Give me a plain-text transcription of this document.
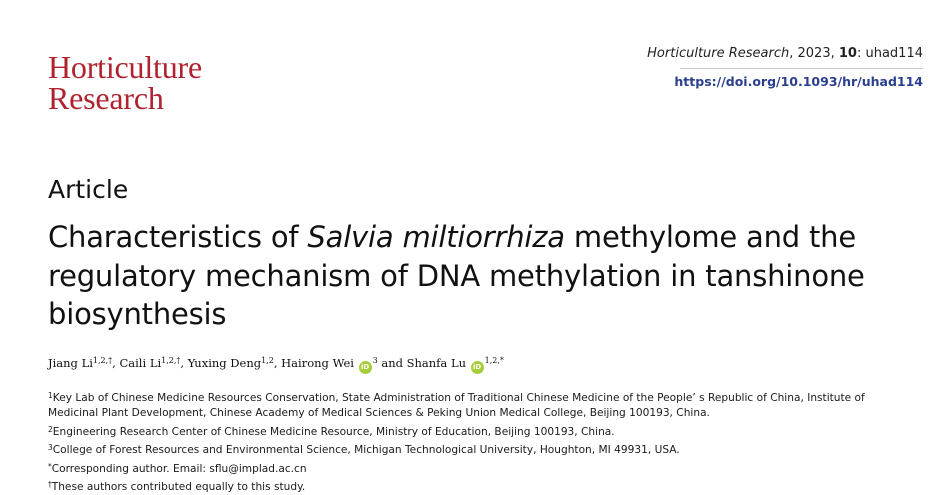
Horticulture
Research
Horticulture Research, 2023, 10: uhad114
https://doi.org/10.1093/hr/uhad114
Article
Characteristics of Salvia miltiorrhiza methylome and the regulatory mechanism of DNA methylation in tanshinone biosynthesis
Jiang $Li^{1,2,\dagger}$, Caili $Li^{1,2,\dagger}$, Yuxing Deng$^{1,2}$, Hairong Wei $iD^3$ and Shanfa Lu $iD^{1,2,*}$

$^1$Key Lab of Chinese Medicine Resources Conservation, State Administration of Traditional Chinese Medicine of the People’ s Republic of China, Institute of Medicinal Plant Development, Chinese Academy of Medical Sciences & Peking Union Medical College, Beijing 100193, China.

$^2$Engineering Research Center of Chinese Medicine Resource, Ministry of Education, Beijing 100193, China.

$^3$College of Forest Resources and Environmental Science, Michigan Technological University, Houghton, MI 49931, USA.

*Corresponding author. Email: sflu@implad.ac.cn

†These authors contributed equally to this study.
